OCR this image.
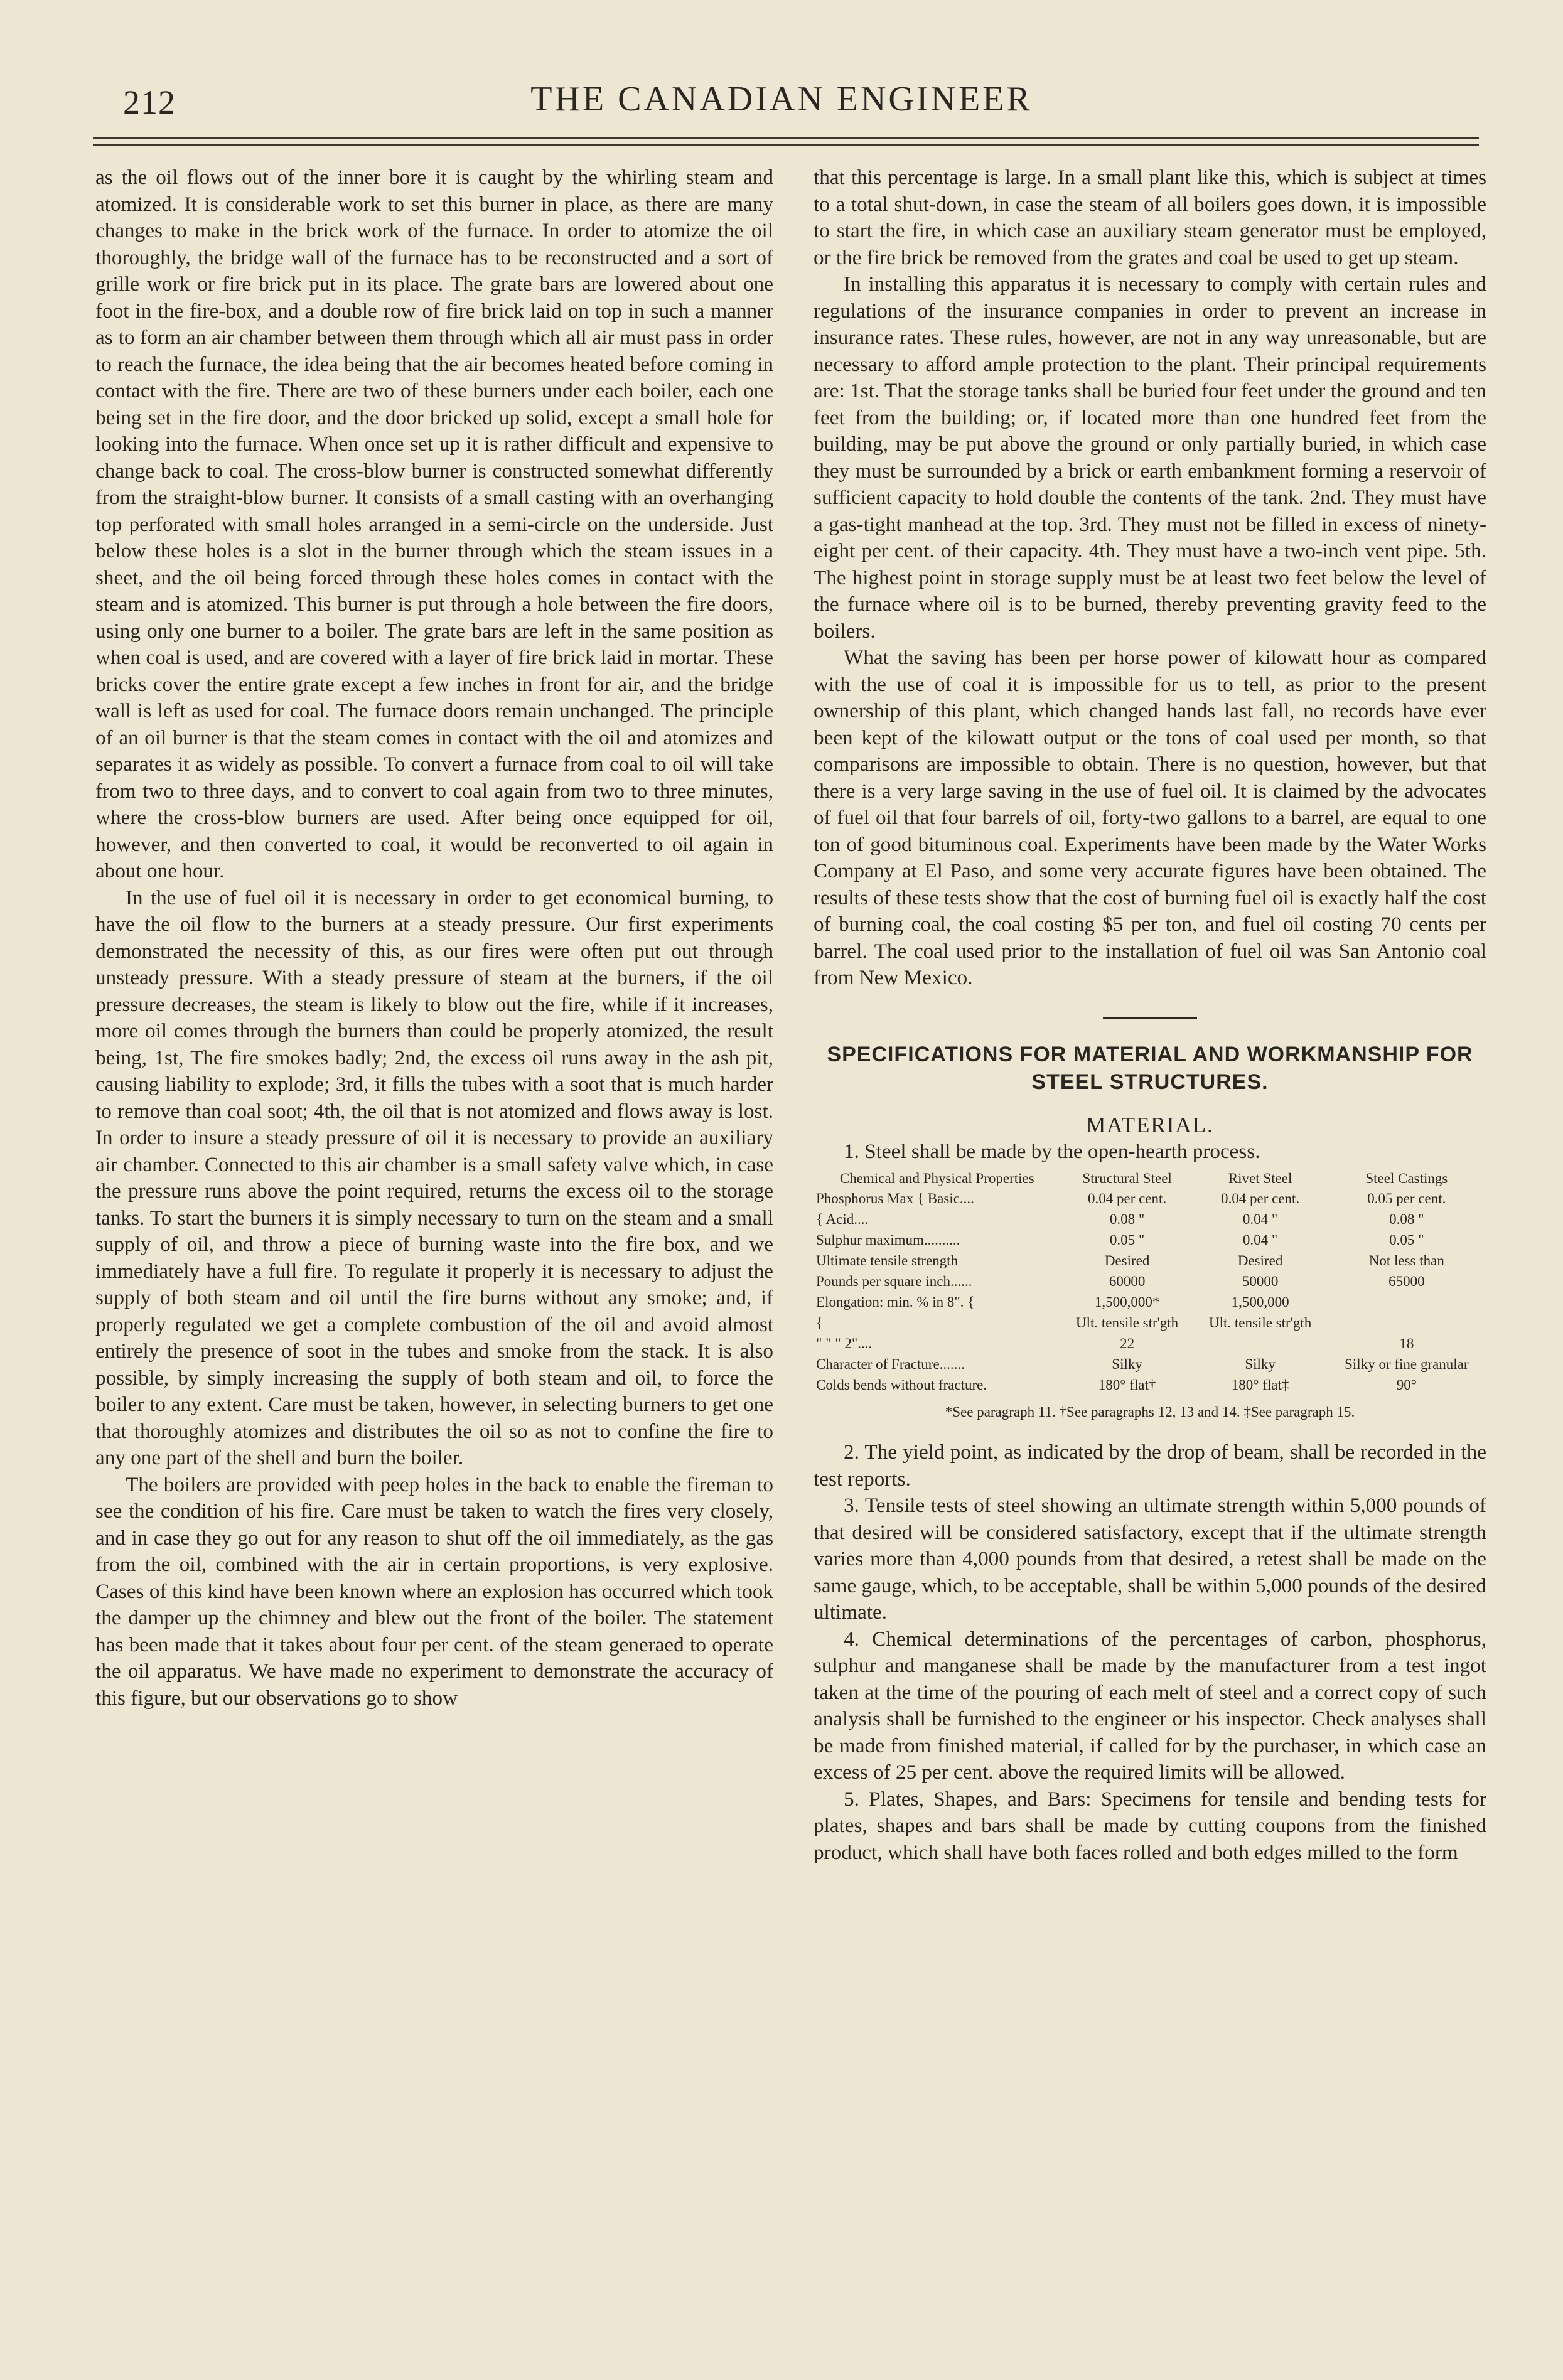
212	THE CANADIAN ENGINEER

as the oil flows out of the inner bore it is caught by the whirling steam and atomized. It is considerable work to set this burner in place, as there are many changes to make in the brick work of the furnace. In order to atomize the oil thoroughly, the bridge wall of the furnace has to be reconstructed and a sort of grille work or fire brick put in its place. The grate bars are lowered about one foot in the fire-box, and a double row of fire brick laid on top in such a manner as to form an air chamber between them through which all air must pass in order to reach the furnace, the idea being that the air becomes heated before coming in contact with the fire. There are two of these burners under each boiler, each one being set in the fire door, and the door bricked up solid, except a small hole for looking into the furnace. When once set up it is rather difficult and expensive to change back to coal. The cross-blow burner is constructed somewhat differently from the straight-blow burner. It consists of a small casting with an overhanging top perforated with small holes arranged in a semi-circle on the underside. Just below these holes is a slot in the burner through which the steam issues in a sheet, and the oil being forced through these holes comes in contact with the steam and is atomized. This burner is put through a hole between the fire doors, using only one burner to a boiler. The grate bars are left in the same position as when coal is used, and are covered with a layer of fire brick laid in mortar. These bricks cover the entire grate except a few inches in front for air, and the bridge wall is left as used for coal. The furnace doors remain unchanged. The principle of an oil burner is that the steam comes in contact with the oil and atomizes and separates it as widely as possible. To convert a furnace from coal to oil will take from two to three days, and to convert to coal again from two to three minutes, where the cross-blow burners are used. After being once equipped for oil, however, and then converted to coal, it would be reconverted to oil again in about one hour.

In the use of fuel oil it is necessary in order to get economical burning, to have the oil flow to the burners at a steady pressure. Our first experiments demonstrated the necessity of this, as our fires were often put out through unsteady pressure. With a steady pressure of steam at the burners, if the oil pressure decreases, the steam is likely to blow out the fire, while if it increases, more oil comes through the burners than could be properly atomized, the result being, 1st, The fire smokes badly; 2nd, the excess oil runs away in the ash pit, causing liability to explode; 3rd, it fills the tubes with a soot that is much harder to remove than coal soot; 4th, the oil that is not atomized and flows away is lost. In order to insure a steady pressure of oil it is necessary to provide an auxiliary air chamber. Connected to this air chamber is a small safety valve which, in case the pressure runs above the point required, returns the excess oil to the storage tanks. To start the burners it is simply necessary to turn on the steam and a small supply of oil, and throw a piece of burning waste into the fire box, and we immediately have a full fire. To regulate it properly it is necessary to adjust the supply of both steam and oil until the fire burns without any smoke; and, if properly regulated we get a complete combustion of the oil and avoid almost entirely the presence of soot in the tubes and smoke from the stack. It is also possible, by simply increasing the supply of both steam and oil, to force the boiler to any extent. Care must be taken, however, in selecting burners to get one that thoroughly atomizes and distributes the oil so as not to confine the fire to any one part of the shell and burn the boiler.

The boilers are provided with peep holes in the back to enable the fireman to see the condition of his fire. Care must be taken to watch the fires very closely, and in case they go out for any reason to shut off the oil immediately, as the gas from the oil, combined with the air in certain proportions, is very explosive. Cases of this kind have been known where an explosion has occurred which took the damper up the chimney and blew out the front of the boiler. The statement has been made that it takes about four per cent. of the steam generaed to operate the oil apparatus. We have made no experiment to demonstrate the accuracy of this figure, but our observations go to show

that this percentage is large. In a small plant like this, which is subject at times to a total shut-down, in case the steam of all boilers goes down, it is impossible to start the fire, in which case an auxiliary steam generator must be employed, or the fire brick be removed from the grates and coal be used to get up steam.

In installing this apparatus it is necessary to comply with certain rules and regulations of the insurance companies in order to prevent an increase in insurance rates. These rules, however, are not in any way unreasonable, but are necessary to afford ample protection to the plant. Their principal requirements are: 1st. That the storage tanks shall be buried four feet under the ground and ten feet from the building; or, if located more than one hundred feet from the building, may be put above the ground or only partially buried, in which case they must be surrounded by a brick or earth embankment forming a reservoir of sufficient capacity to hold double the contents of the tank. 2nd. They must have a gas-tight manhead at the top. 3rd. They must not be filled in excess of ninety-eight per cent. of their capacity. 4th. They must have a two-inch vent pipe. 5th. The highest point in storage supply must be at least two feet below the level of the furnace where oil is to be burned, thereby preventing gravity feed to the boilers.

What the saving has been per horse power of kilowatt hour as compared with the use of coal it is impossible for us to tell, as prior to the present ownership of this plant, which changed hands last fall, no records have ever been kept of the kilowatt output or the tons of coal used per month, so that comparisons are impossible to obtain. There is no question, however, but that there is a very large saving in the use of fuel oil. It is claimed by the advocates of fuel oil that four barrels of oil, forty-two gallons to a barrel, are equal to one ton of good bituminous coal. Experiments have been made by the Water Works Company at El Paso, and some very accurate figures have been obtained. The results of these tests show that the cost of burning fuel oil is exactly half the cost of burning coal, the coal costing $5 per ton, and fuel oil costing 70 cents per barrel. The coal used prior to the installation of fuel oil was San Antonio coal from New Mexico.

SPECIFICATIONS FOR MATERIAL AND WORKMANSHIP FOR STEEL STRUCTURES.
MATERIAL.

1. Steel shall be made by the open-hearth process.

Chemical and Physical Properties	Structural Steel	Rivet Steel	Steel Castings
Phosphorus Max { Basic....	0.04 per cent.	0.04 per cent.	0.05 per cent.
{ Acid....	0.08 "	0.04 "	0.08 "
Sulphur maximum..........	0.05 "	0.04 "	0.05 "
Ultimate tensile strength	Desired	Desired	Not less than
Pounds per square inch......	60000	50000	65000
Elongation: min. % in 8". {	1,500,000*	1,500,000	
{	Ult. tensile str'gth	Ult. tensile str'gth	
" " " 2"....	22		18
Character of Fracture.......	Silky	Silky	Silky or fine granular
Colds bends without fracture.	180° flat†	180° flat‡	90°
*See paragraph 11. †See paragraphs 12, 13 and 14. ‡See paragraph 15.

2. The yield point, as indicated by the drop of beam, shall be recorded in the test reports.

3. Tensile tests of steel showing an ultimate strength within 5,000 pounds of that desired will be considered satisfactory, except that if the ultimate strength varies more than 4,000 pounds from that desired, a retest shall be made on the same gauge, which, to be acceptable, shall be within 5,000 pounds of the desired ultimate.

4. Chemical determinations of the percentages of carbon, phosphorus, sulphur and manganese shall be made by the manufacturer from a test ingot taken at the time of the pouring of each melt of steel and a correct copy of such analysis shall be furnished to the engineer or his inspector. Check analyses shall be made from finished material, if called for by the purchaser, in which case an excess of 25 per cent. above the required limits will be allowed.

5. Plates, Shapes, and Bars: Specimens for tensile and bending tests for plates, shapes and bars shall be made by cutting coupons from the finished product, which shall have both faces rolled and both edges milled to the form
